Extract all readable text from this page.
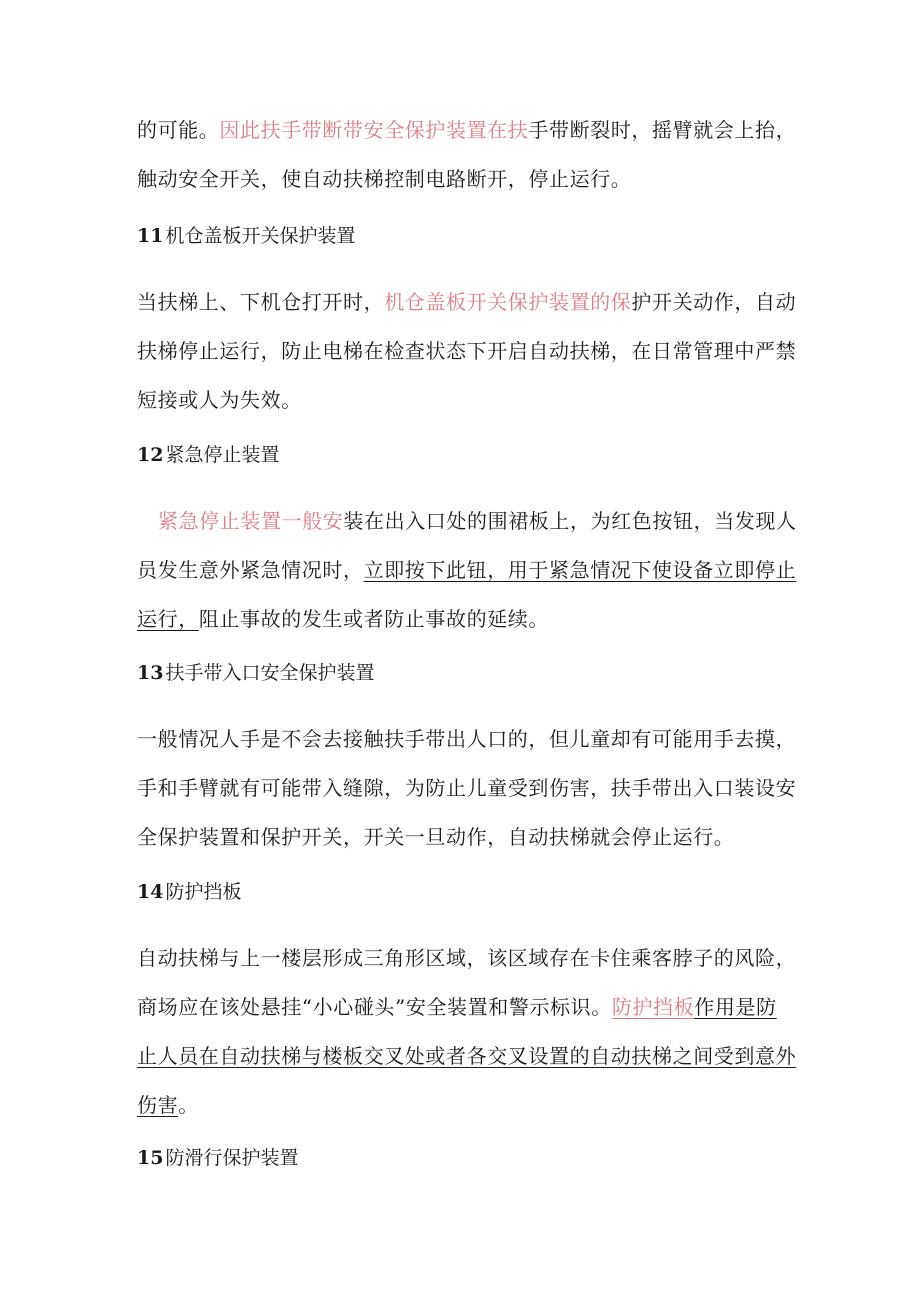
的可能。因此扶手带断带安全保护装置在扶手带断裂时，摇臂就会上抬，
触动安全开关，使自动扶梯控制电路断开，停止运行。
11 机仓盖板开关保护装置
当扶梯上、下机仓打开时，机仓盖板开关保护装置的保护开关动作，自动
扶梯停止运行，防止电梯在检查状态下开启自动扶梯，在日常管理中严禁
短接或人为失效。
12 紧急停止装置
紧急停止装置一般安装在出入口处的围裙板上，为红色按钮，当发现人
员发生意外紧急情况时，立即按下此钮，用于紧急情况下使设备立即停止
运行，阻止事故的发生或者防止事故的延续。
13 扶手带入口安全保护装置
一般情况人手是不会去接触扶手带出人口的，但儿童却有可能用手去摸，
手和手臂就有可能带入缝隙，为防止儿童受到伤害，扶手带出入口装设安
全保护装置和保护开关，开关一旦动作，自动扶梯就会停止运行。
14 防护挡板
自动扶梯与上一楼层形成三角形区域，该区域存在卡住乘客脖子的风险，
商场应在该处悬挂“小心碰头”安全装置和警示标识。防护挡板作用是防
止人员在自动扶梯与楼板交叉处或者各交叉设置的自动扶梯之间受到意外
伤害。
15 防滑行保护装置
